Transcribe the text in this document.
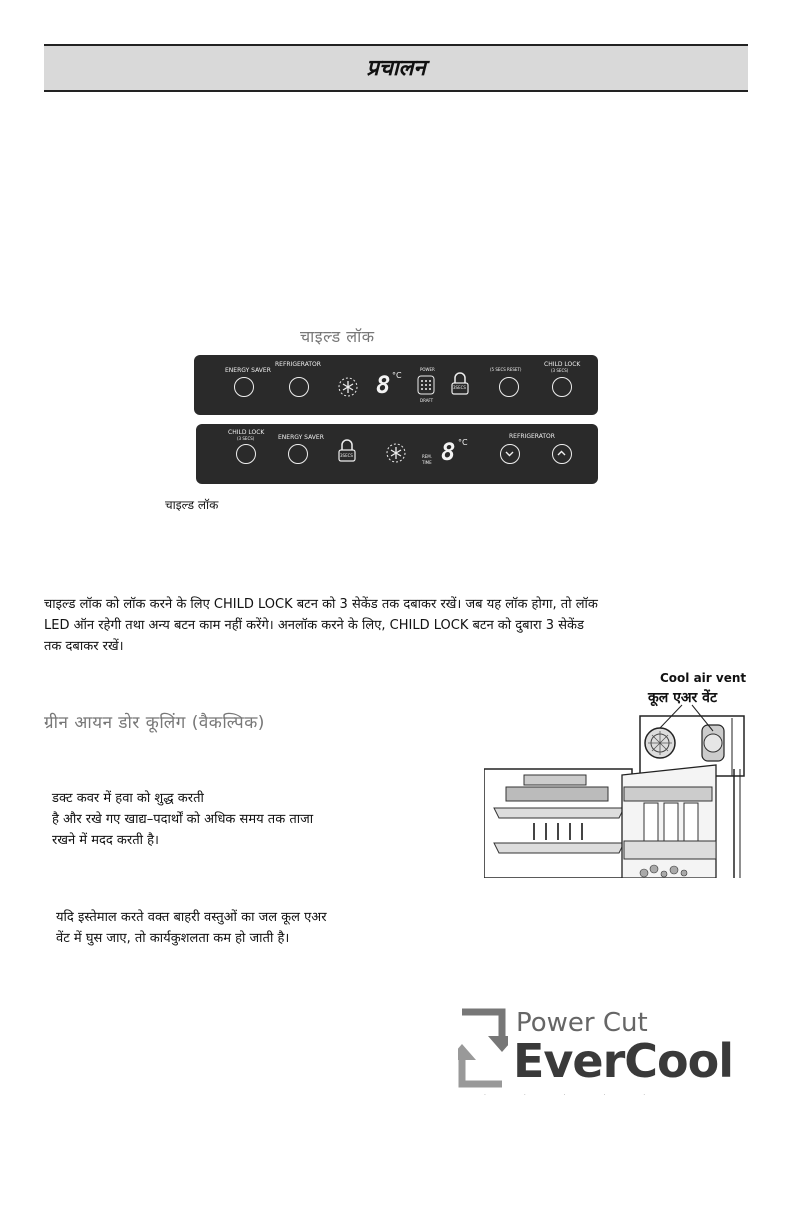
प्रचालन
चाइल्ड लॉक
ENERGY SAVER
REFRIGERATOR
8 °C
POWER
DRAFT
3SECS
(5 SECS RESET)
CHILD LOCK
(3 SECS)
CHILD LOCK
(3 SECS)	ENERGY SAVER
3SECS	REM. TIME 8 °C
REFRIGERATOR
चाइल्ड लॉक
चाइल्ड लॉक को लॉक करने के लिए CHILD LOCK बटन को 3 सेकेंड तक दबाकर रखें। जब यह लॉक होगा, तो लॉक
LED ऑन रहेगी तथा अन्य बटन काम नहीं करेंगे। अनलॉक करने के लिए, CHILD LOCK बटन को दुबारा 3 सेकेंड
तक दबाकर रखें।
ग्रीन आयन डोर कूलिंग (वैकल्पिक)
डक्ट कवर में हवा को शुद्ध करती
है और रखे गए खाद्य–पदार्थों को अधिक समय तक ताजा
रखने में मदद करती है।
यदि इस्तेमाल करते वक्त बाहरी वस्तुओं का जल कूल एअर
वेंट में घुस जाए, तो कार्यकुशलता कम हो जाती है।
Cool air vent
कूल एअर वेंट
Power Cut
EverCool
· · · · ·
